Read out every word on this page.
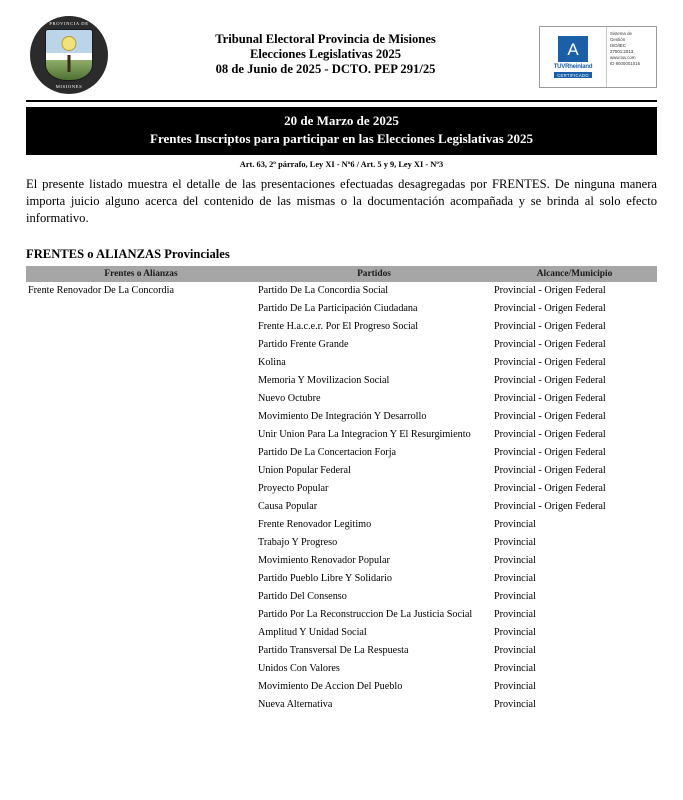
PROVINCIA DE
MISIONES
Tribunal Electoral Provincia de Misiones
Elecciones Legislativas 2025
08 de Junio de 2025 - DCTO. PEP 291/25
A
TUVRheinland
CERTIFICADO
Sistema de
Gestión
ISO/IEC
27001:2013
www.tuv.com
ID 9000001016
20 de Marzo de 2025
Frentes Inscriptos para participar en las Elecciones Legislativas 2025
Art. 63, 2º párrafo, Ley XI - Nº6 / Art. 5 y 9, Ley XI - Nº3
El presente listado muestra el detalle de las presentaciones efectuadas desagregadas por FRENTES. De ninguna manera importa juicio alguno acerca del contenido de las mismas o la documentación acompañada y se brinda al solo efecto informativo.
FRENTES o ALIANZAS Provinciales
Frentes o Alianzas	Partidos	Alcance/Municipio
Frente Renovador De La Concordia	Partido De La Concordia Social	Provincial - Origen Federal
	Partido De La Participación Ciudadana	Provincial - Origen Federal
	Frente H.a.c.e.r. Por El Progreso Social	Provincial - Origen Federal
	Partido Frente Grande	Provincial - Origen Federal
	Kolina	Provincial - Origen Federal
	Memoria Y Movilizacion Social	Provincial - Origen Federal
	Nuevo Octubre	Provincial - Origen Federal
	Movimiento De Integración Y Desarrollo	Provincial - Origen Federal
	Unir Union Para La Integracion Y El Resurgimiento	Provincial - Origen Federal
	Partido De La Concertacion Forja	Provincial - Origen Federal
	Union Popular Federal	Provincial - Origen Federal
	Proyecto Popular	Provincial - Origen Federal
	Causa Popular	Provincial - Origen Federal
	Frente Renovador Legitimo	Provincial
	Trabajo Y Progreso	Provincial
	Movimiento Renovador Popular	Provincial
	Partido Pueblo Libre Y Solidario	Provincial
	Partido Del Consenso	Provincial
	Partido Por La Reconstruccion De La Justicia Social	Provincial
	Amplitud Y Unidad Social	Provincial
	Partido Transversal De La Respuesta	Provincial
	Unidos Con Valores	Provincial
	Movimiento De Accion Del Pueblo	Provincial
	Nueva Alternativa	Provincial
